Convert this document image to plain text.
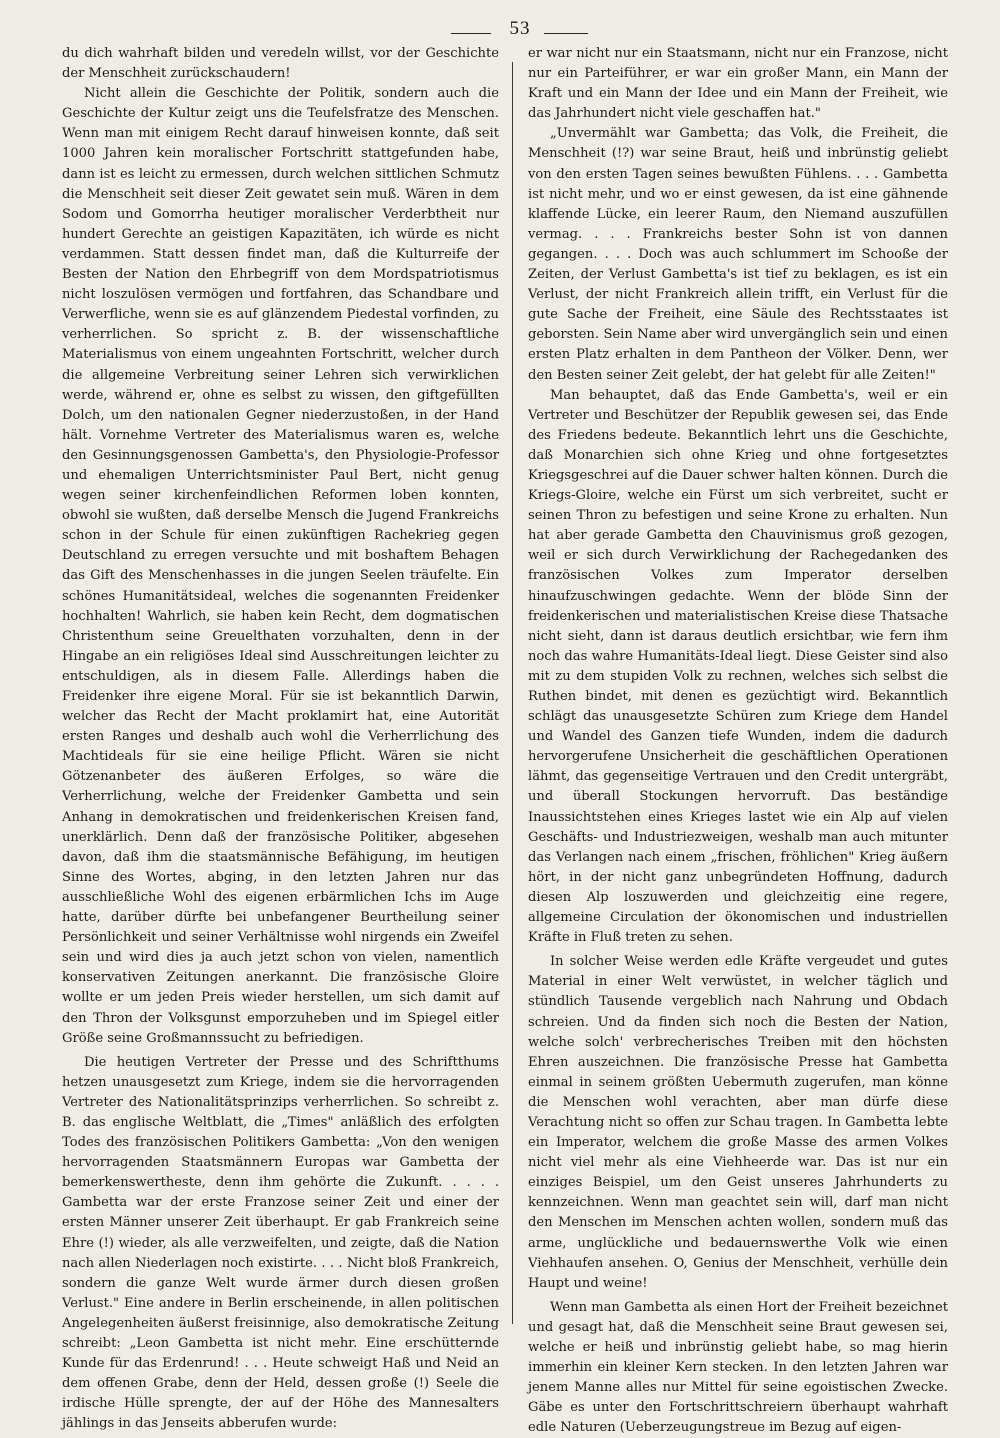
53

du dich wahrhaft bilden und veredeln willst, vor der Geschichte der Menschheit zurückschaudern!

Nicht allein die Geschichte der Politik, sondern auch die Geschichte der Kultur zeigt uns die Teufelsfratze des Menschen. Wenn man mit einigem Recht darauf hinweisen konnte, daß seit 1000 Jahren kein moralischer Fortschritt stattgefunden habe, dann ist es leicht zu ermessen, durch welchen sittlichen Schmutz die Menschheit seit dieser Zeit gewatet sein muß. Wären in dem Sodom und Gomorrha heutiger moralischer Verderbtheit nur hundert Gerechte an geistigen Kapazitäten, ich würde es nicht verdammen. Statt dessen findet man, daß die Kulturreife der Besten der Nation den Ehrbegriff von dem Mordspatriotismus nicht loszulösen vermögen und fortfahren, das Schandbare und Verwerfliche, wenn sie es auf glänzendem Piedestal vorfinden, zu verherrlichen. So spricht z. B. der wissenschaftliche Materialismus von einem ungeahnten Fortschritt, welcher durch die allgemeine Verbreitung seiner Lehren sich verwirklichen werde, während er, ohne es selbst zu wissen, den giftgefüllten Dolch, um den nationalen Gegner niederzustoßen, in der Hand hält. Vornehme Vertreter des Materialismus waren es, welche den Gesinnungsgenossen Gambetta's, den Physiologie-Professor und ehemaligen Unterrichtsminister Paul Bert, nicht genug wegen seiner kirchenfeindlichen Reformen loben konnten, obwohl sie wußten, daß derselbe Mensch die Jugend Frankreichs schon in der Schule für einen zukünftigen Rachekrieg gegen Deutschland zu erregen versuchte und mit boshaftem Behagen das Gift des Menschenhasses in die jungen Seelen träufelte. Ein schönes Humanitätsideal, welches die sogenannten Freidenker hochhalten! Wahrlich, sie haben kein Recht, dem dogmatischen Christenthum seine Greuelthaten vorzuhalten, denn in der Hingabe an ein religiöses Ideal sind Ausschreitungen leichter zu entschuldigen, als in diesem Falle. Allerdings haben die Freidenker ihre eigene Moral. Für sie ist bekanntlich Darwin, welcher das Recht der Macht proklamirt hat, eine Autorität ersten Ranges und deshalb auch wohl die Verherrlichung des Machtideals für sie eine heilige Pflicht. Wären sie nicht Götzenanbeter des äußeren Erfolges, so wäre die Verherrlichung, welche der Freidenker Gambetta und sein Anhang in demokratischen und freidenkerischen Kreisen fand, unerklärlich. Denn daß der französische Politiker, abgesehen davon, daß ihm die staatsmännische Befähigung, im heutigen Sinne des Wortes, abging, in den letzten Jahren nur das ausschließliche Wohl des eigenen erbärmlichen Ichs im Auge hatte, darüber dürfte bei unbefangener Beurtheilung seiner Persönlichkeit und seiner Verhältnisse wohl nirgends ein Zweifel sein und wird dies ja auch jetzt schon von vielen, namentlich konservativen Zeitungen anerkannt. Die französische Gloire wollte er um jeden Preis wieder herstellen, um sich damit auf den Thron der Volksgunst emporzuheben und im Spiegel eitler Größe seine Großmannssucht zu befriedigen.

Die heutigen Vertreter der Presse und des Schriftthums hetzen unausgesetzt zum Kriege, indem sie die hervorragenden Vertreter des Nationalitätsprinzips verherrlichen. So schreibt z. B. das englische Weltblatt, die „Times" anläßlich des erfolgten Todes des französischen Politikers Gambetta: „Von den wenigen hervorragenden Staatsmännern Europas war Gambetta der bemerkenswertheste, denn ihm gehörte die Zukunft. . . . . Gambetta war der erste Franzose seiner Zeit und einer der ersten Männer unserer Zeit überhaupt. Er gab Frankreich seine Ehre (!) wieder, als alle verzweifelten, und zeigte, daß die Nation nach allen Niederlagen noch existirte. . . . Nicht bloß Frankreich, sondern die ganze Welt wurde ärmer durch diesen großen Verlust." Eine andere in Berlin erscheinende, in allen politischen Angelegenheiten äußerst freisinnige, also demokratische Zeitung schreibt: „Leon Gambetta ist nicht mehr. Eine erschütternde Kunde für das Erdenrund! . . . Heute schweigt Haß und Neid an dem offenen Grabe, denn der Held, dessen große (!) Seele die irdische Hülle sprengte, der auf der Höhe des Mannesalters jählings in das Jenseits abberufen wurde:

er war nicht nur ein Staatsmann, nicht nur ein Franzose, nicht nur ein Parteiführer, er war ein großer Mann, ein Mann der Kraft und ein Mann der Idee und ein Mann der Freiheit, wie das Jahrhundert nicht viele geschaffen hat."

„Unvermählt war Gambetta; das Volk, die Freiheit, die Menschheit (!?) war seine Braut, heiß und inbrünstig geliebt von den ersten Tagen seines bewußten Fühlens. . . . Gambetta ist nicht mehr, und wo er einst gewesen, da ist eine gähnende klaffende Lücke, ein leerer Raum, den Niemand auszufüllen vermag. . . . Frankreichs bester Sohn ist von dannen gegangen. . . . Doch was auch schlummert im Schooße der Zeiten, der Verlust Gambetta's ist tief zu beklagen, es ist ein Verlust, der nicht Frankreich allein trifft, ein Verlust für die gute Sache der Freiheit, eine Säule des Rechtsstaates ist geborsten. Sein Name aber wird unvergänglich sein und einen ersten Platz erhalten in dem Pantheon der Völker. Denn, wer den Besten seiner Zeit gelebt, der hat gelebt für alle Zeiten!"

Man behauptet, daß das Ende Gambetta's, weil er ein Vertreter und Beschützer der Republik gewesen sei, das Ende des Friedens bedeute. Bekanntlich lehrt uns die Geschichte, daß Monarchien sich ohne Krieg und ohne fortgesetztes Kriegsgeschrei auf die Dauer schwer halten können. Durch die Kriegs-Gloire, welche ein Fürst um sich verbreitet, sucht er seinen Thron zu befestigen und seine Krone zu erhalten. Nun hat aber gerade Gambetta den Chauvinismus groß gezogen, weil er sich durch Verwirklichung der Rachegedanken des französischen Volkes zum Imperator derselben hinaufzuschwingen gedachte. Wenn der blöde Sinn der freidenkerischen und materialistischen Kreise diese Thatsache nicht sieht, dann ist daraus deutlich ersichtbar, wie fern ihm noch das wahre Humanitäts-Ideal liegt. Diese Geister sind also mit zu dem stupiden Volk zu rechnen, welches sich selbst die Ruthen bindet, mit denen es gezüchtigt wird. Bekanntlich schlägt das unausgesetzte Schüren zum Kriege dem Handel und Wandel des Ganzen tiefe Wunden, indem die dadurch hervorgerufene Unsicherheit die geschäftlichen Operationen lähmt, das gegenseitige Vertrauen und den Credit untergräbt, und überall Stockungen hervorruft. Das beständige Inaussichtstehen eines Krieges lastet wie ein Alp auf vielen Geschäfts- und Industriezweigen, weshalb man auch mitunter das Verlangen nach einem „frischen, fröhlichen" Krieg äußern hört, in der nicht ganz unbegründeten Hoffnung, dadurch diesen Alp loszuwerden und gleichzeitig eine regere, allgemeine Circulation der ökonomischen und industriellen Kräfte in Fluß treten zu sehen.

In solcher Weise werden edle Kräfte vergeudet und gutes Material in einer Welt verwüstet, in welcher täglich und stündlich Tausende vergeblich nach Nahrung und Obdach schreien. Und da finden sich noch die Besten der Nation, welche solch' verbrecherisches Treiben mit den höchsten Ehren auszeichnen. Die französische Presse hat Gambetta einmal in seinem größten Uebermuth zugerufen, man könne die Menschen wohl verachten, aber man dürfe diese Verachtung nicht so offen zur Schau tragen. In Gambetta lebte ein Imperator, welchem die große Masse des armen Volkes nicht viel mehr als eine Viehheerde war. Das ist nur ein einziges Beispiel, um den Geist unseres Jahrhunderts zu kennzeichnen. Wenn man geachtet sein will, darf man nicht den Menschen im Menschen achten wollen, sondern muß das arme, unglückliche und bedauernswerthe Volk wie einen Viehhaufen ansehen. O, Genius der Menschheit, verhülle dein Haupt und weine!

Wenn man Gambetta als einen Hort der Freiheit bezeichnet und gesagt hat, daß die Menschheit seine Braut gewesen sei, welche er heiß und inbrünstig geliebt habe, so mag hierin immerhin ein kleiner Kern stecken. In den letzten Jahren war jenem Manne alles nur Mittel für seine egoistischen Zwecke. Gäbe es unter den Fortschrittschreiern überhaupt wahrhaft edle Naturen (Ueberzeugungstreue im Bezug auf eigen-
